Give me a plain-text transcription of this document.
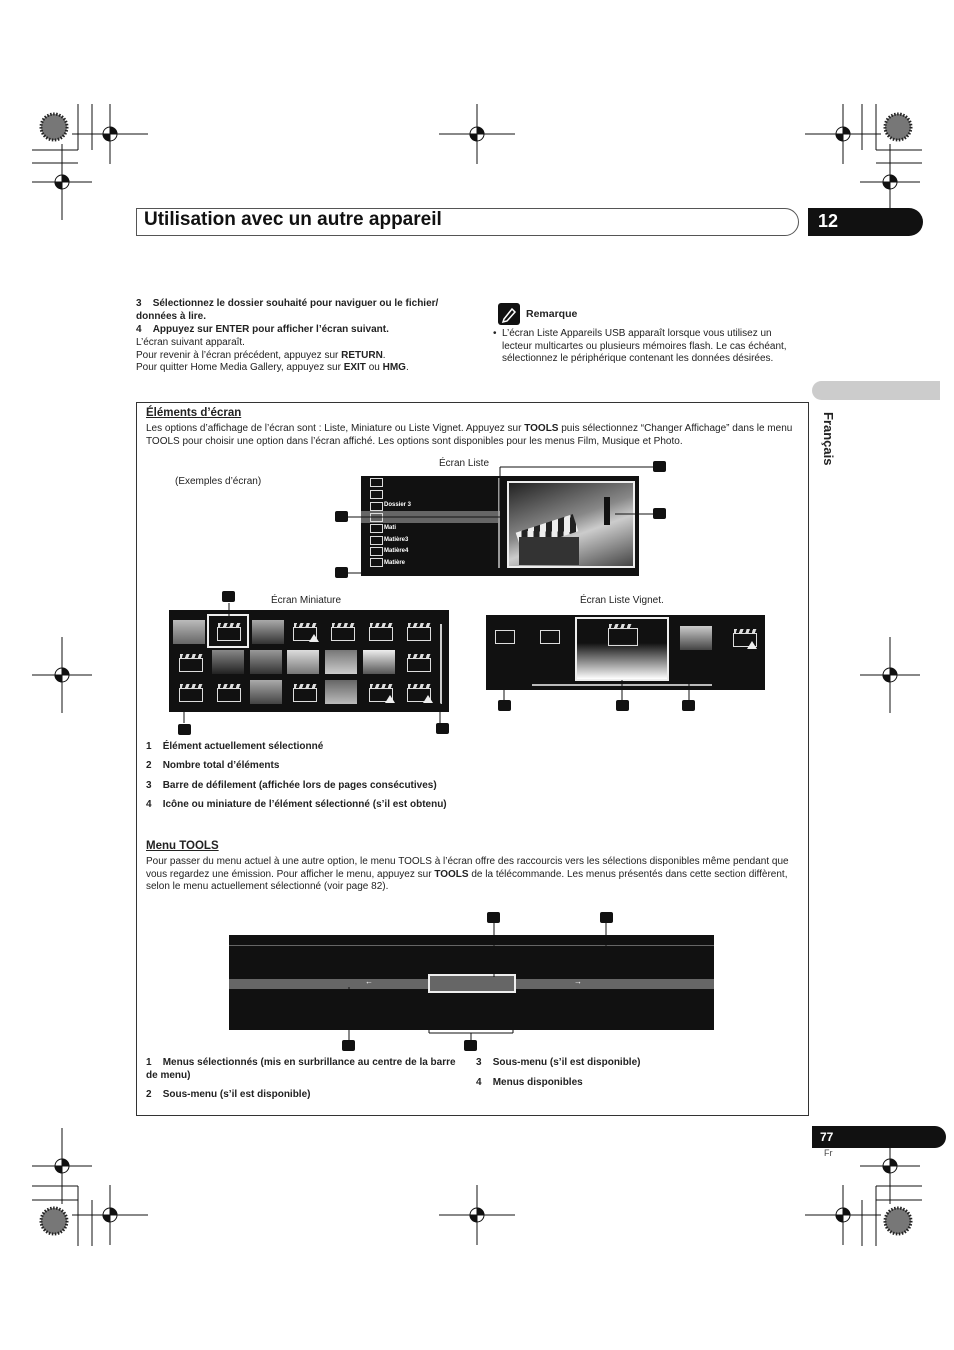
Utilisation avec un autre appareil	12
Français
3 Sélectionnez le dossier souhaité pour naviguer ou le fichier/ données à lire.
4 Appuyez sur ENTER pour afficher l’écran suivant.
L’écran suivant apparaît.
Pour revenir à l’écran précédent, appuyez sur RETURN.
Pour quitter Home Media Gallery, appuyez sur EXIT ou HMG.
Remarque
• L’écran Liste Appareils USB apparaît lorsque vous utilisez un lecteur multicartes ou plusieurs mémoires flash. Le cas échéant, sélectionnez le périphérique contenant les données désirées.
Éléments d’écran
Les options d’affichage de l’écran sont : Liste, Miniature ou Liste Vignet. Appuyez sur TOOLS puis sélectionnez “Changer Affichage” dans le menu TOOLS pour choisir une option dans l’écran affiché. Les options sont disponibles pour les menus Film, Musique et Photo.
(Exemples d’écran)
Écran Liste
Écran Miniature	Écran Liste Vignet.
Dossier 3
Mati
Matière3
Matière4
Matière
1 Élément actuellement sélectionné
2 Nombre total d’éléments
3 Barre de défilement (affichée lors de pages consécutives)
4 Icône ou miniature de l’élément sélectionné (s’il est obtenu)
Menu TOOLS
Pour passer du menu actuel à une autre option, le menu TOOLS à l’écran offre des raccourcis vers les sélections disponibles même pendant que vous regardez une émission. Pour afficher le menu, appuyez sur TOOLS de la télécommande. Les menus présentés dans cette section diffèrent, selon le menu actuellement sélectionné (voir page 82).
←	→
1 Menus sélectionnés (mis en surbrillance au centre de la barre de menu)
2 Sous-menu (s’il est disponible)
3 Sous-menu (s’il est disponible)
4 Menus disponibles
77
Fr
